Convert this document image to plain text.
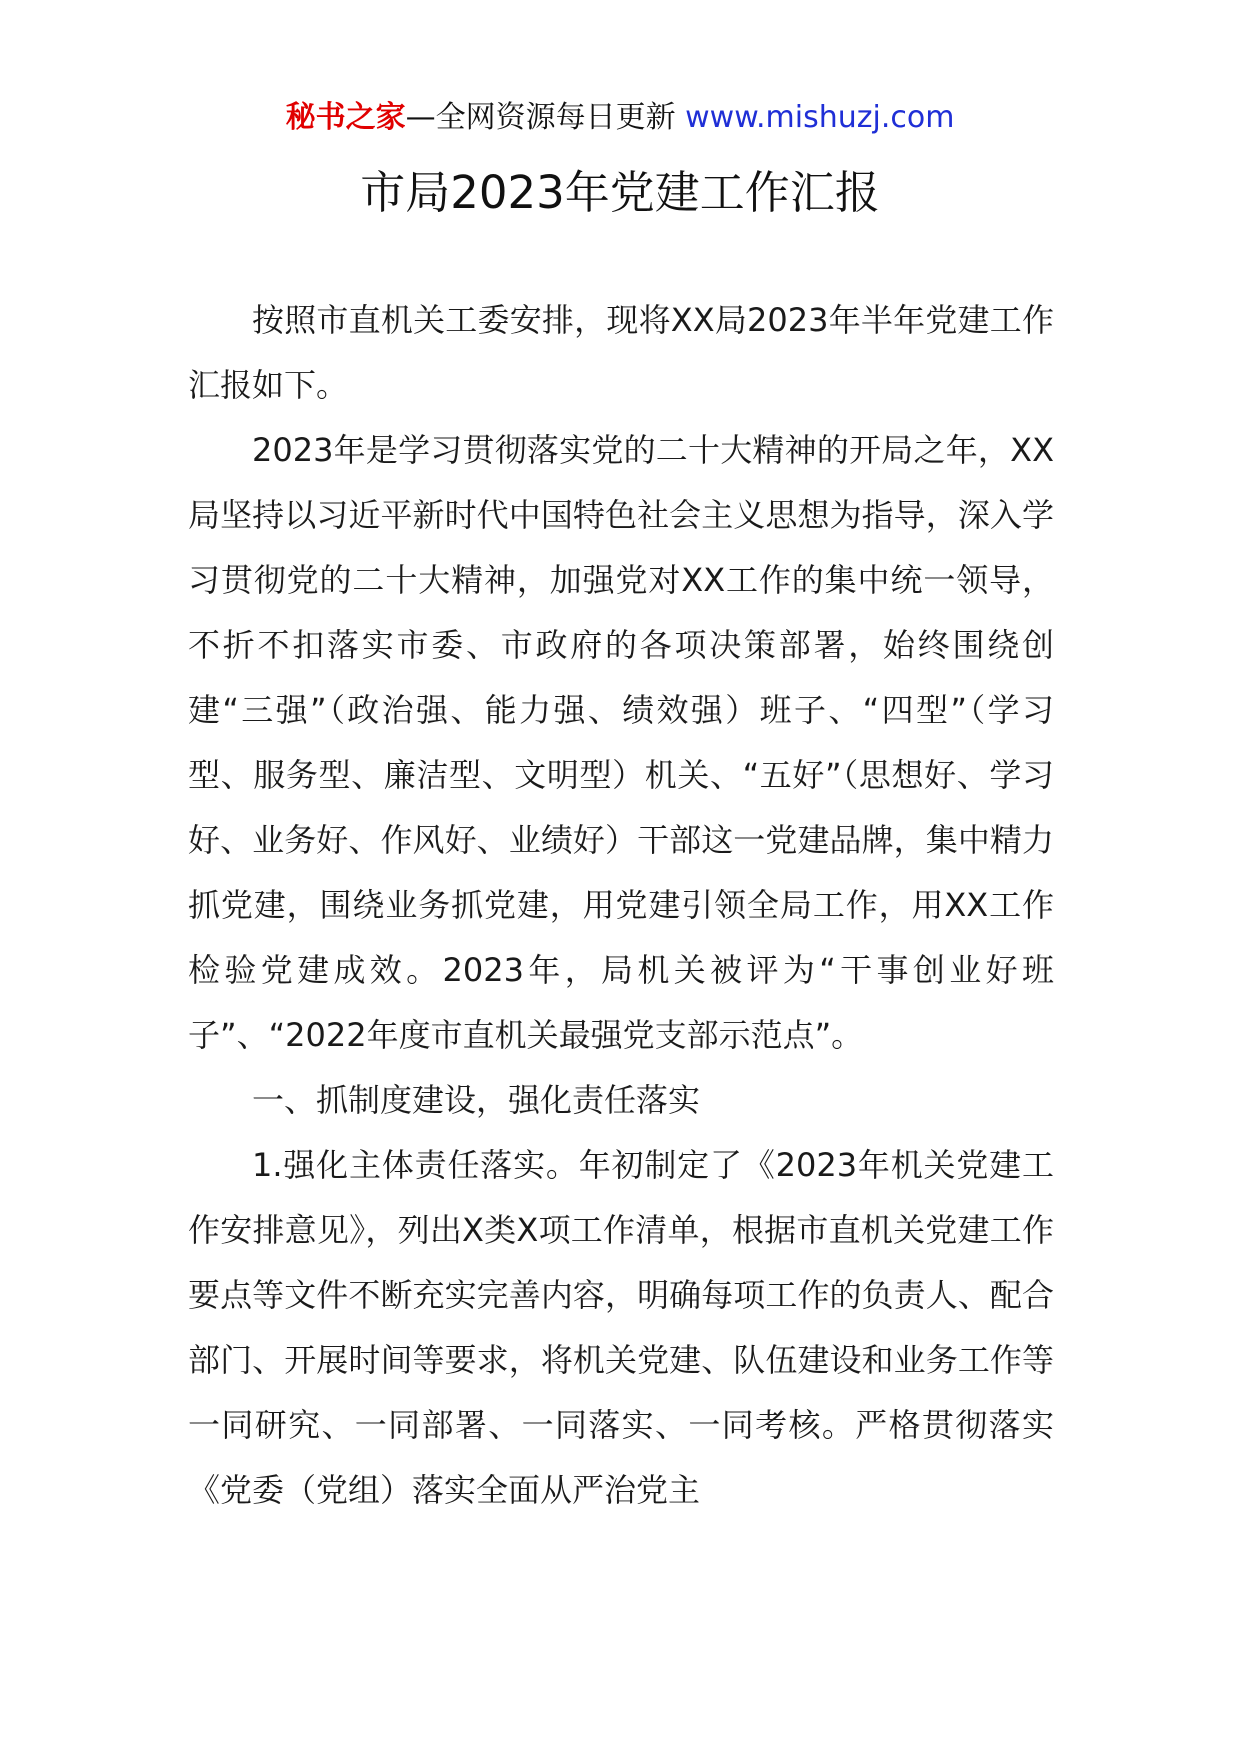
秘书之家—全网资源每日更新 www.mishuzj.com
市局2023年党建工作汇报

按照市直机关工委安排，现将XX局2023年半年党建工作汇报如下。

2023年是学习贯彻落实党的二十大精神的开局之年，XX局坚持以习近平新时代中国特色社会主义思想为指导，深入学习贯彻党的二十大精神，加强党对XX工作的集中统一领导，不折不扣落实市委、市政府的各项决策部署，始终围绕创建“三强”（政治强、能力强、绩效强）班子、“四型”（学习型、服务型、廉洁型、文明型）机关、“五好”（思想好、学习好、业务好、作风好、业绩好）干部这一党建品牌，集中精力抓党建，围绕业务抓党建，用党建引领全局工作，用XX工作检验党建成效。2023年，局机关被评为“干事创业好班子”、“2022年度市直机关最强党支部示范点”。

一、抓制度建设，强化责任落实

1.强化主体责任落实。年初制定了《2023年机关党建工作安排意见》，列出X类X项工作清单，根据市直机关党建工作要点等文件不断充实完善内容，明确每项工作的负责人、配合部门、开展时间等要求，将机关党建、队伍建设和业务工作等一同研究、一同部署、一同落实、一同考核。严格贯彻落实《党委（党组）落实全面从严治党主
